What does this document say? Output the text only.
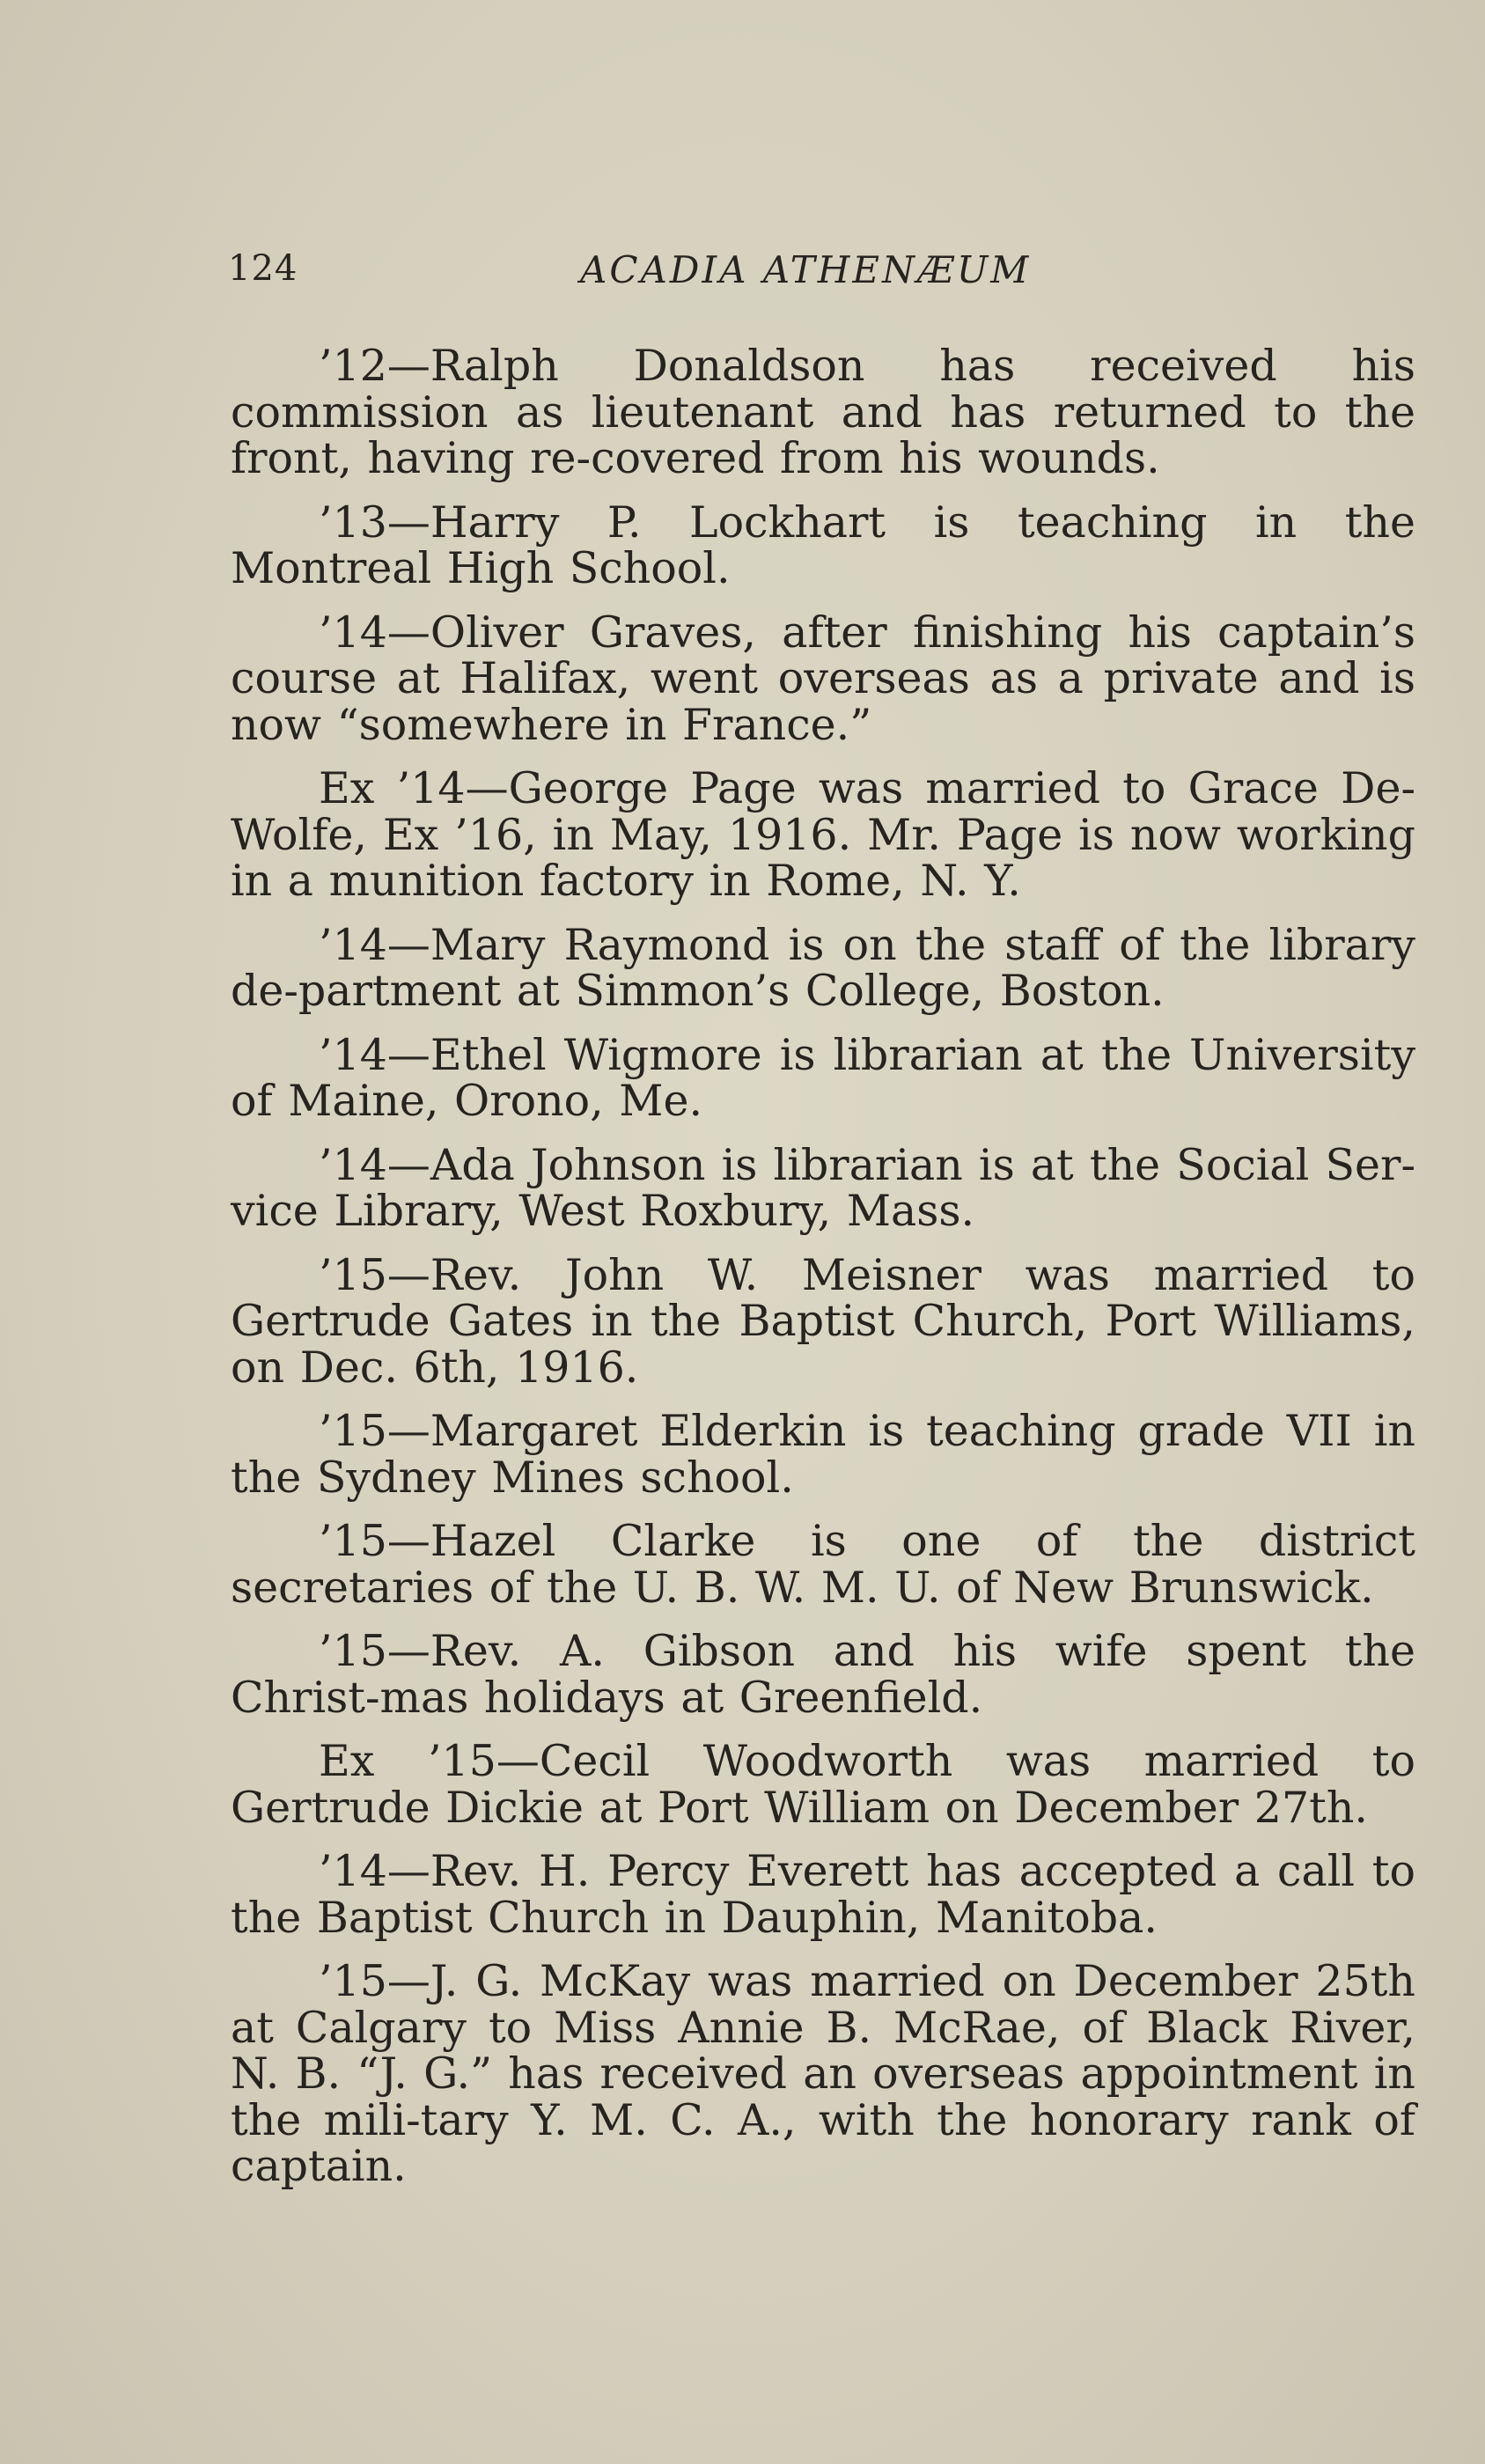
124	ACADIA ATHENÆUM

’12—Ralph Donaldson has received his commission as lieutenant and has returned to the front, having re-covered from his wounds.

’13—Harry P. Lockhart is teaching in the Montreal High School.

’14—Oliver Graves, after finishing his captain’s course at Halifax, went overseas as a private and is now “somewhere in France.”

Ex ’14—George Page was married to Grace De-Wolfe, Ex ’16, in May, 1916. Mr. Page is now working in a munition factory in Rome, N. Y.

’14—Mary Raymond is on the staff of the library de-partment at Simmon’s College, Boston.

’14—Ethel Wigmore is librarian at the University of Maine, Orono, Me.

’14—Ada Johnson is librarian is at the Social Ser-vice Library, West Roxbury, Mass.

’15—Rev. John W. Meisner was married to Gertrude Gates in the Baptist Church, Port Williams, on Dec. 6th, 1916.

’15—Margaret Elderkin is teaching grade VII in the Sydney Mines school.

’15—Hazel Clarke is one of the district secretaries of the U. B. W. M. U. of New Brunswick.

’15—Rev. A. Gibson and his wife spent the Christ-mas holidays at Greenfield.

Ex ’15—Cecil Woodworth was married to Gertrude Dickie at Port William on December 27th.

’14—Rev. H. Percy Everett has accepted a call to the Baptist Church in Dauphin, Manitoba.

’15—J. G. McKay was married on December 25th at Calgary to Miss Annie B. McRae, of Black River, N. B. “J. G.” has received an overseas appointment in the mili-tary Y. M. C. A., with the honorary rank of captain.
